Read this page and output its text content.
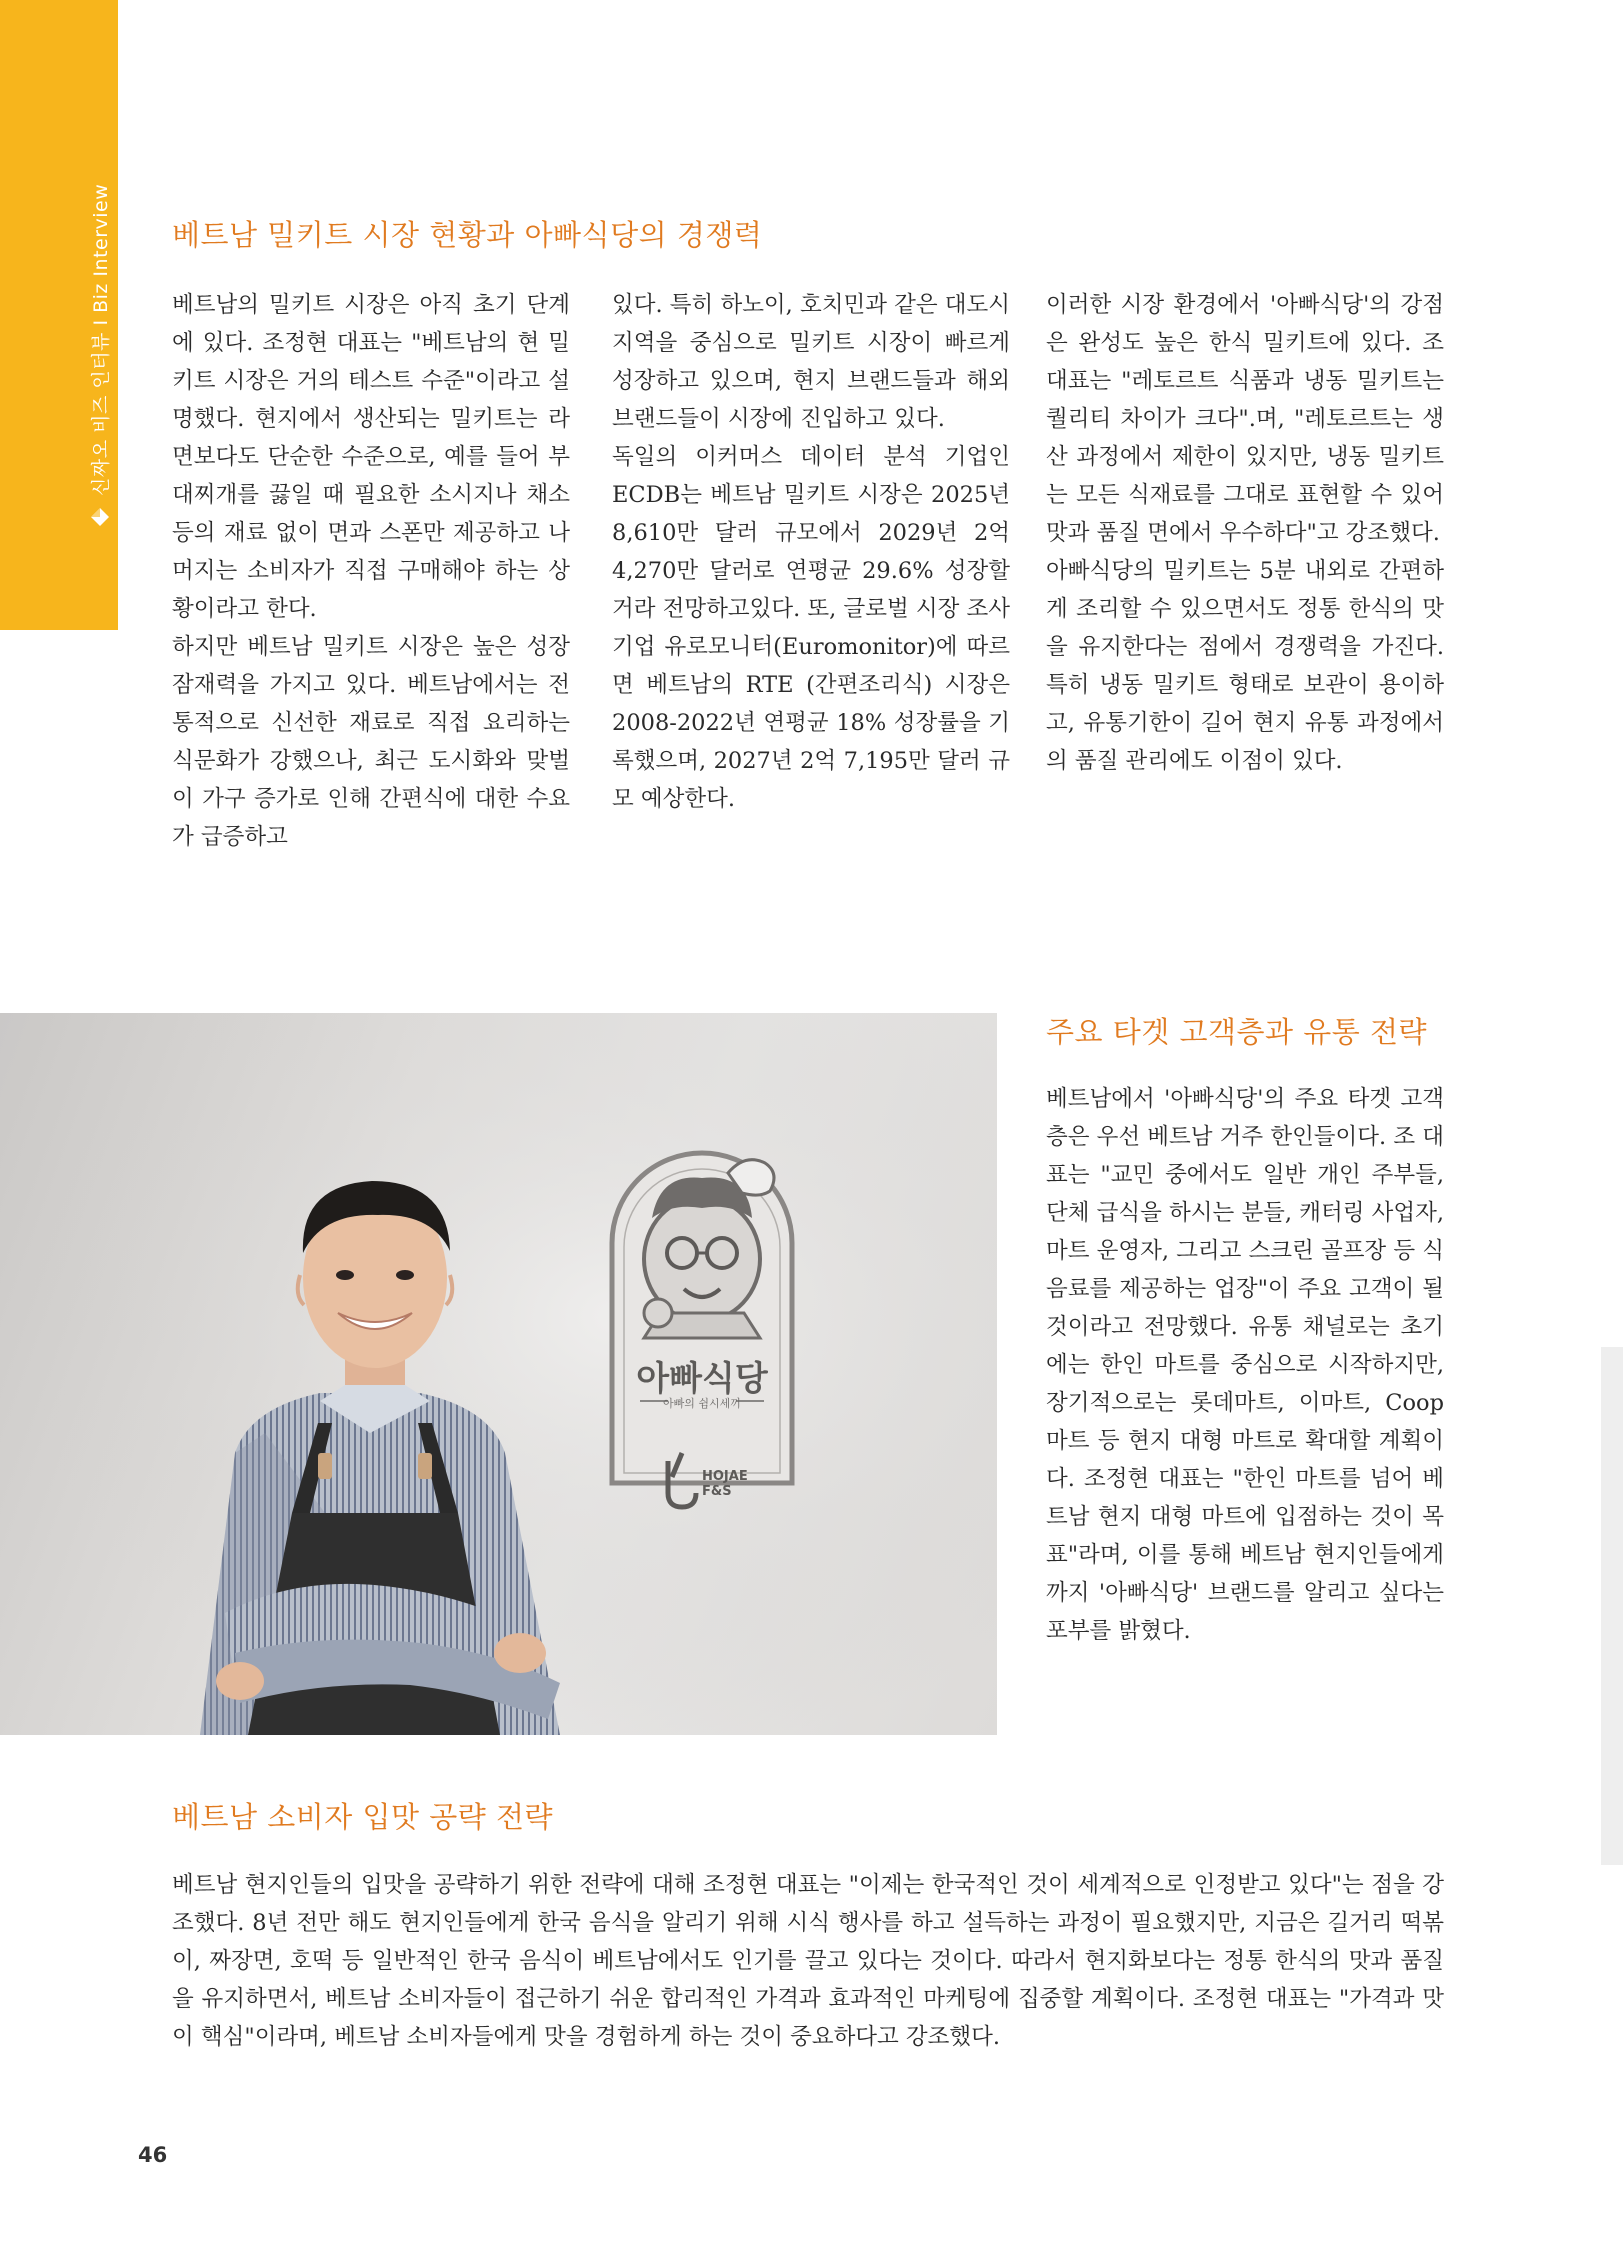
신짜오 비즈 인터뷰 I Biz Interview 베트남 밀키트 시장 현황과 아빠식당의 경쟁력

베트남의 밀키트 시장은 아직 초기 단계에 있다. 조정현 대표는 "베트남의 현 밀키트 시장은 거의 테스트 수준"이라고 설명했다. 현지에서 생산되는 밀키트는 라면보다도 단순한 수준으로, 예를 들어 부대찌개를 끓일 때 필요한 소시지나 채소 등의 재료 없이 면과 스폰만 제공하고 나머지는 소비자가 직접 구매해야 하는 상황이라고 한다.

하지만 베트남 밀키트 시장은 높은 성장 잠재력을 가지고 있다. 베트남에서는 전통적으로 신선한 재료로 직접 요리하는 식문화가 강했으나, 최근 도시화와 맞벌이 가구 증가로 인해 간편식에 대한 수요가 급증하고

있다. 특히 하노이, 호치민과 같은 대도시 지역을 중심으로 밀키트 시장이 빠르게 성장하고 있으며, 현지 브랜드들과 해외 브랜드들이 시장에 진입하고 있다.

독일의 이커머스 데이터 분석 기업인 ECDB는 베트남 밀키트 시장은 2025년 8,610만 달러 규모에서 2029년 2억 4,270만 달러로 연평균 29.6% 성장할 거라 전망하고있다. 또, 글로벌 시장 조사기업 유로모니터(Euromonitor)에 따르면 베트남의 RTE (간편조리식) 시장은 2008-2022년 연평균 18% 성장률을 기록했으며, 2027년 2억 7,195만 달러 규모 예상한다.

이러한 시장 환경에서 '아빠식당'의 강점은 완성도 높은 한식 밀키트에 있다. 조 대표는 "레토르트 식품과 냉동 밀키트는 퀄리티 차이가 크다".며, "레토르트는 생산 과정에서 제한이 있지만, 냉동 밀키트는 모든 식재료를 그대로 표현할 수 있어 맛과 품질 면에서 우수하다"고 강조했다.

아빠식당의 밀키트는 5분 내외로 간편하게 조리할 수 있으면서도 정통 한식의 맛을 유지한다는 점에서 경쟁력을 가진다. 특히 냉동 밀키트 형태로 보관이 용이하고, 유통기한이 길어 현지 유통 과정에서의 품질 관리에도 이점이 있다.

아빠식당
아빠의 쉼시세끼
HOJAE
F&S
주요 타겟 고객층과 유통 전략

베트남에서 '아빠식당'의 주요 타겟 고객층은 우선 베트남 거주 한인들이다. 조 대표는 "교민 중에서도 일반 개인 주부들, 단체 급식을 하시는 분들, 캐터링 사업자, 마트 운영자, 그리고 스크린 골프장 등 식음료를 제공하는 업장"이 주요 고객이 될 것이라고 전망했다. 유통 채널로는 초기에는 한인 마트를 중심으로 시작하지만, 장기적으로는 롯데마트, 이마트, Coop 마트 등 현지 대형 마트로 확대할 계획이다. 조정현 대표는 "한인 마트를 넘어 베트남 현지 대형 마트에 입점하는 것이 목표"라며, 이를 통해 베트남 현지인들에게까지 '아빠식당' 브랜드를 알리고 싶다는 포부를 밝혔다.

베트남 소비자 입맛 공략 전략

베트남 현지인들의 입맛을 공략하기 위한 전략에 대해 조정현 대표는 "이제는 한국적인 것이 세계적으로 인정받고 있다"는 점을 강조했다. 8년 전만 해도 현지인들에게 한국 음식을 알리기 위해 시식 행사를 하고 설득하는 과정이 필요했지만, 지금은 길거리 떡볶이, 짜장면, 호떡 등 일반적인 한국 음식이 베트남에서도 인기를 끌고 있다는 것이다. 따라서 현지화보다는 정통 한식의 맛과 품질을 유지하면서, 베트남 소비자들이 접근하기 쉬운 합리적인 가격과 효과적인 마케팅에 집중할 계획이다. 조정현 대표는 "가격과 맛이 핵심"이라며, 베트남 소비자들에게 맛을 경험하게 하는 것이 중요하다고 강조했다.

46
